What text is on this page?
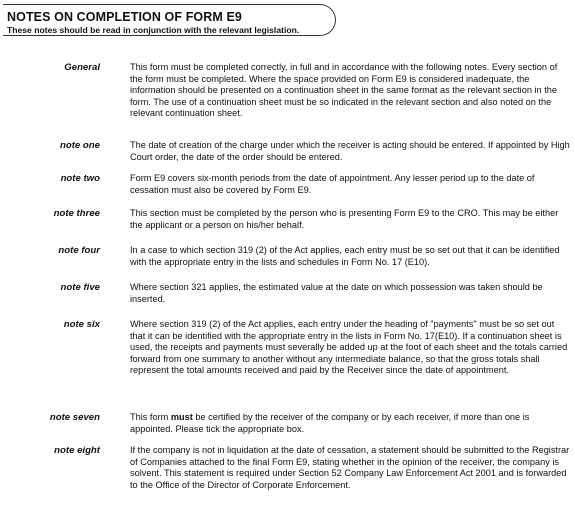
NOTES ON COMPLETION OF FORM E9
These notes should be read in conjunction with the relevant legislation.
General	This form must be completed correctly, in full and in accordance with the following notes. Every section of the form must be completed. Where the space provided on Form E9 is considered inadequate, the information should be presented on a continuation sheet in the same format as the relevant section in the form. The use of a continuation sheet must be so indicated in the relevant section and also noted on the relevant continuation sheet.
note one	The date of creation of the charge under which the receiver is acting should be entered. If appointed by High Court order, the date of the order should be entered.
note two	Form E9 covers six-month periods from the date of appointment. Any lesser period up to the date of cessation must also be covered by Form E9.
note three	This section must be completed by the person who is presenting Form E9 to the CRO. This may be either the applicant or a person on his/her behalf.
note four	In a case to which section 319 (2) of the Act applies, each entry must be so set out that it can be identified with the appropriate entry in the lists and schedules in Form No. 17 (E10).
note five	Where section 321 applies, the estimated value at the date on which possession was taken should be inserted.
note six	Where section 319 (2) of the Act applies, each entry under the heading of "payments" must be so set out that it can be identified with the appropriate entry in the lists in Form No. 17(E10). If a continuation sheet is used, the receipts and payments must severally be added up at the foot of each sheet and the totals carried forward from one summary to another without any intermediate balance, so that the gross totals shall represent the total amounts received and paid by the Receiver since the date of appointment.
note seven	This form must be certified by the receiver of the company or by each receiver, if more than one is appointed. Please tick the appropriate box.
note eight	If the company is not in liquidation at the date of cessation, a statement should be submitted to the Registrar of Companies attached to the final Form E9, stating whether in the opinion of the receiver, the company is solvent. This statement is required under Section 52 Company Law Enforcement Act 2001 and is forwarded to the Office of the Director of Corporate Enforcement.
